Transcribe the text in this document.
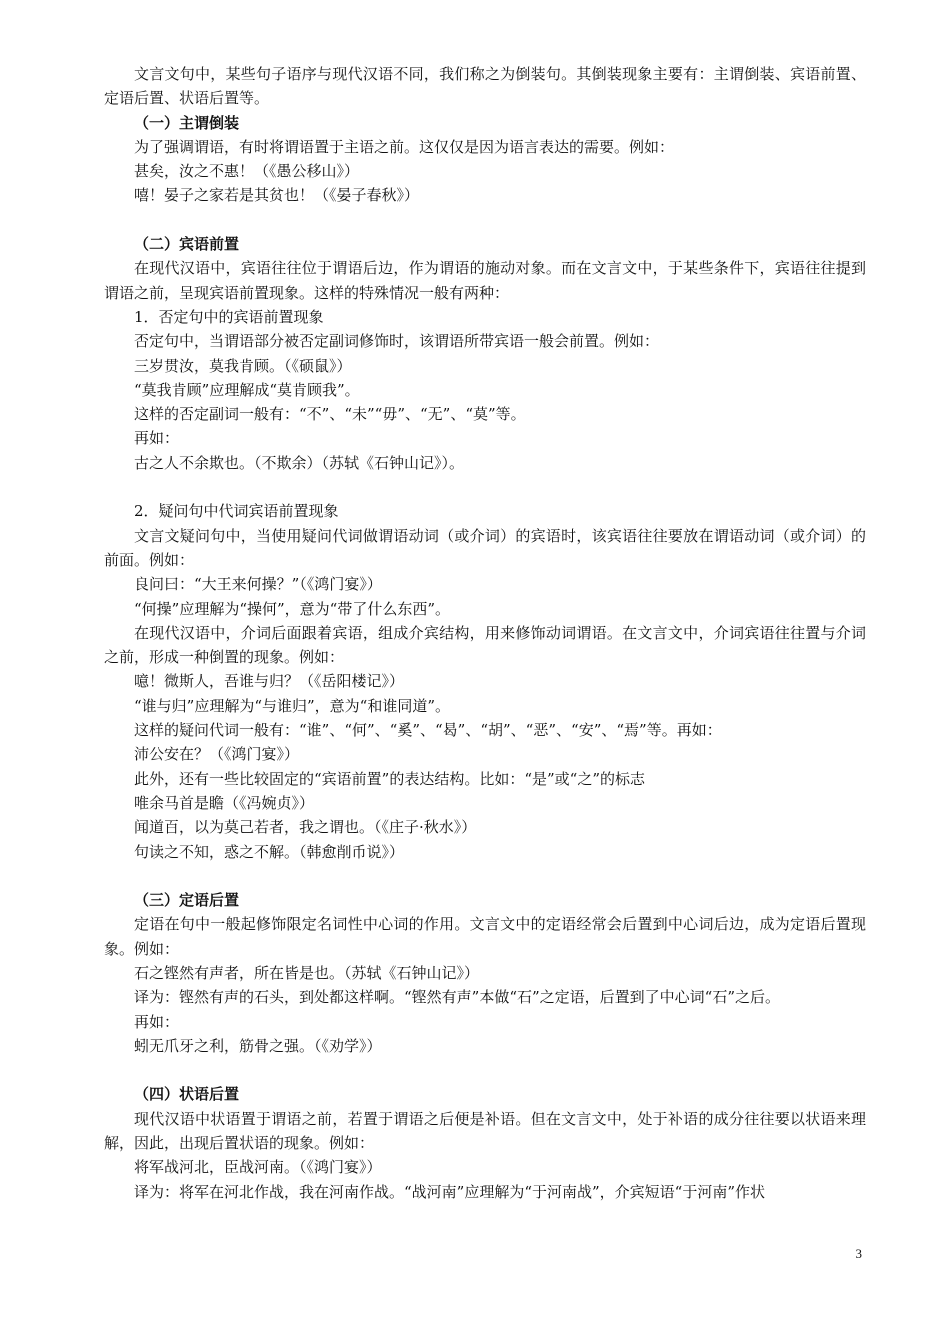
文言文句中，某些句子语序与现代汉语不同，我们称之为倒装句。其倒装现象主要有：主谓倒装、宾语前置、定语后置、状语后置等。
（一）主谓倒装
为了强调谓语，有时将谓语置于主语之前。这仅仅是因为语言表达的需要。例如：
甚矣，汝之不惠！（《愚公移山》）
嘻！晏子之家若是其贫也！（《晏子春秋》）
（二）宾语前置
在现代汉语中，宾语往往位于谓语后边，作为谓语的施动对象。而在文言文中，于某些条件下，宾语往往提到谓语之前，呈现宾语前置现象。这样的特殊情况一般有两种：
1．否定句中的宾语前置现象
否定句中，当谓语部分被否定副词修饰时，该谓语所带宾语一般会前置。例如：
三岁贯汝，莫我肯顾。（《硕鼠》）
“莫我肯顾”应理解成“莫肯顾我”。
这样的否定副词一般有：“不”、“未”“毋”、“无”、“莫”等。
再如：
古之人不余欺也。（不欺余）（苏轼《石钟山记》）。
2．疑问句中代词宾语前置现象
文言文疑问句中，当使用疑问代词做谓语动词（或介词）的宾语时，该宾语往往要放在谓语动词（或介词）的前面。例如：
良问曰：“大王来何操？”（《鸿门宴》）
“何操”应理解为“操何”，意为“带了什么东西”。
在现代汉语中，介词后面跟着宾语，组成介宾结构，用来修饰动词谓语。在文言文中，介词宾语往往置与介词之前，形成一种倒置的现象。例如：
噫！微斯人，吾谁与归？（《岳阳楼记》）
“谁与归”应理解为“与谁归”，意为“和谁同道”。
这样的疑问代词一般有：“谁”、“何”、“奚”、“曷”、“胡”、“恶”、“安”、“焉”等。再如：
沛公安在？（《鸿门宴》）
此外，还有一些比较固定的“宾语前置”的表达结构。比如：“是”或“之”的标志
唯余马首是瞻（《冯婉贞》）
闻道百，以为莫己若者，我之谓也。（《庄子·秋水》）
句读之不知，惑之不解。（韩愈削币说》）
（三）定语后置
定语在句中一般起修饰限定名词性中心词的作用。文言文中的定语经常会后置到中心词后边，成为定语后置现象。例如：
石之铿然有声者，所在皆是也。（苏轼《石钟山记》）
译为：铿然有声的石头，到处都这样啊。“铿然有声”本做“石”之定语，后置到了中心词“石”之后。
再如：
蚓无爪牙之利，筋骨之强。（《劝学》）
（四）状语后置
现代汉语中状语置于谓语之前，若置于谓语之后便是补语。但在文言文中，处于补语的成分往往要以状语来理解，因此，出现后置状语的现象。例如：
将军战河北，臣战河南。（《鸿门宴》）
译为：将军在河北作战，我在河南作战。“战河南”应理解为“于河南战”，介宾短语“于河南”作状
3
